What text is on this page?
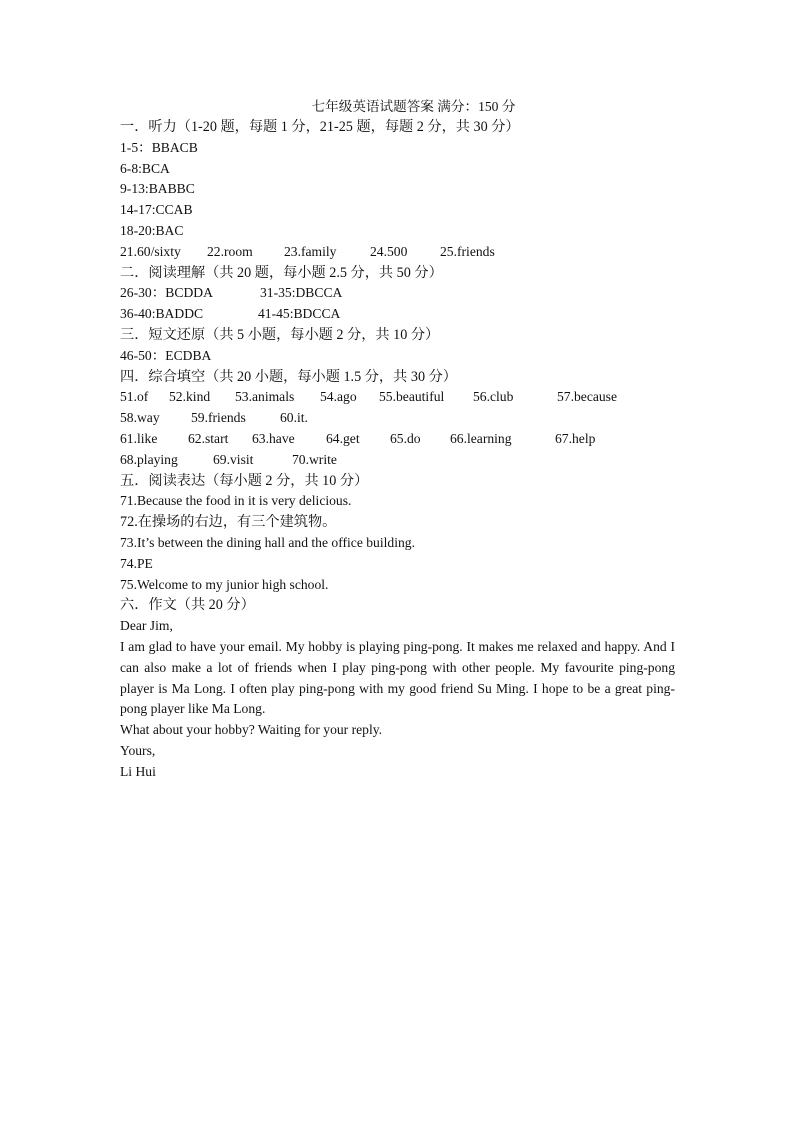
七年级英语试题答案 满分：150 分
一．听力（1-20 题，每题 1 分，21-25 题，每题 2 分，共 30 分）
1-5：BBACB
6-8:BCA
9-13:BABBC
14-17:CCAB
18-20:BAC
21.60/sixty 22.room 23.family 24.500 25.friends
二．阅读理解（共 20 题，每小题 2.5 分，共 50 分）
26-30：BCDDA	31-35:DBCCA
36-40:BADDC	41-45:BDCCA
三．短文还原（共 5 小题，每小题 2 分，共 10 分）
46-50：ECDBA
四．综合填空（共 20 小题，每小题 1.5 分，共 30 分）
51.of 52.kind 53.animals 54.ago 55.beautiful 56.club	57.because
58.way 59.friends	60.it.
61.like 62.start 63.have 64.get 65.do 66.learning	67.help
68.playing	69.visit	70.write
五．阅读表达（每小题 2 分，共 10 分）
71.Because the food in it is very delicious.
72.在操场的右边，有三个建筑物。
73.It’s between the dining hall and the office building.
74.PE
75.Welcome to my junior high school.
六．作文（共 20 分）
Dear Jim,
I am glad to have your email. My hobby is playing ping-pong. It makes me relaxed and happy. And I can also make a lot of friends when I play ping-pong with other people. My favourite ping-pong player is Ma Long. I often play ping-pong with my good friend Su Ming. I hope to be a great ping-pong player like Ma Long.
What about your hobby? Waiting for your reply.
Yours,
Li Hui
